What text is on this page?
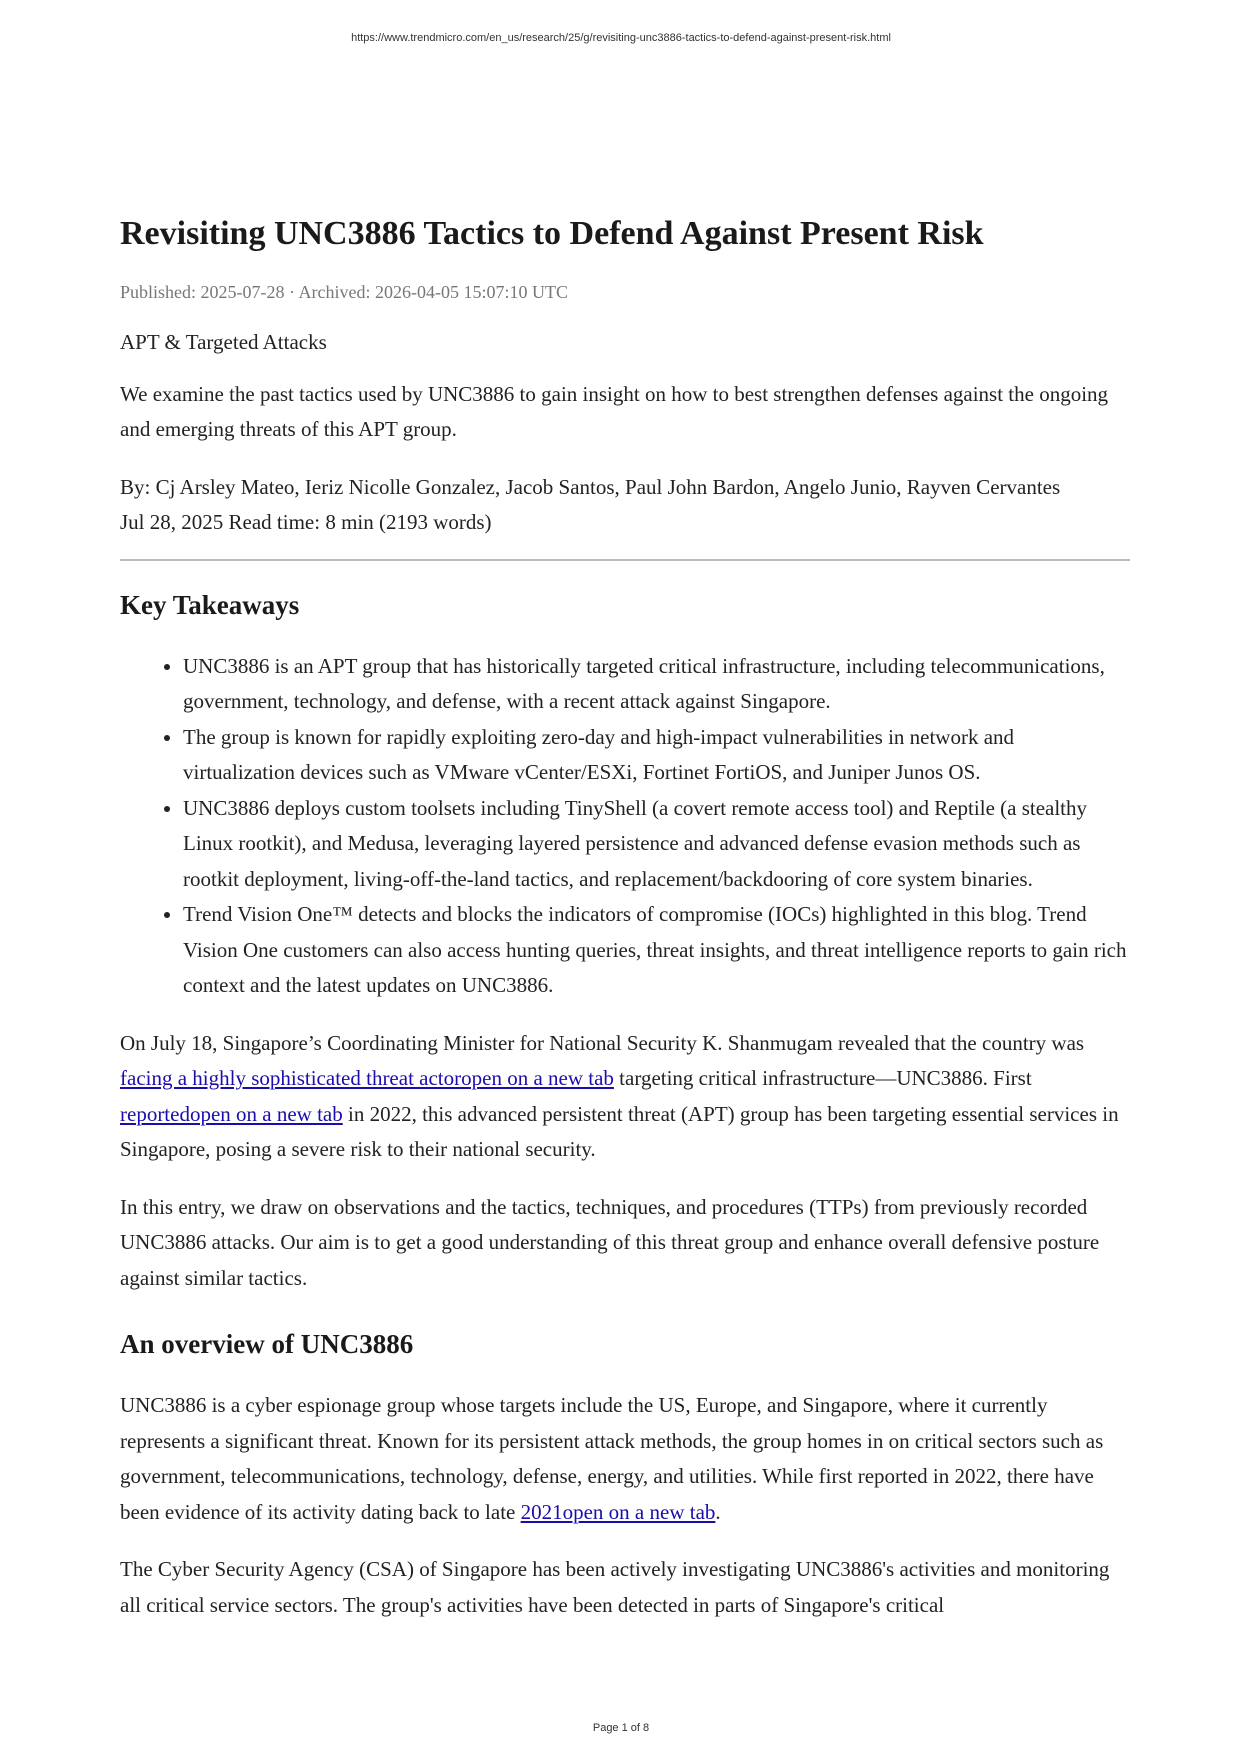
https://www.trendmicro.com/en_us/research/25/g/revisiting-unc3886-tactics-to-defend-against-present-risk.html
Revisiting UNC3886 Tactics to Defend Against Present Risk
Published: 2025-07-28 · Archived: 2026-04-05 15:07:10 UTC

APT & Targeted Attacks

We examine the past tactics used by UNC3886 to gain insight on how to best strengthen defenses against the ongoing and emerging threats of this APT group.

By: Cj Arsley Mateo, Ieriz Nicolle Gonzalez, Jacob Santos, Paul John Bardon, Angelo Junio, Rayven Cervantes
Jul 28, 2025 Read time: 8 min (2193 words)

Key Takeaways
• UNC3886 is an APT group that has historically targeted critical infrastructure, including telecommunications, government, technology, and defense, with a recent attack against Singapore.
• The group is known for rapidly exploiting zero-day and high-impact vulnerabilities in network and virtualization devices such as VMware vCenter/ESXi, Fortinet FortiOS, and Juniper Junos OS.
• UNC3886 deploys custom toolsets including TinyShell (a covert remote access tool) and Reptile (a stealthy Linux rootkit), and Medusa, leveraging layered persistence and advanced defense evasion methods such as rootkit deployment, living-off-the-land tactics, and replacement/backdooring of core system binaries.
• Trend Vision One™ detects and blocks the indicators of compromise (IOCs) highlighted in this blog. Trend Vision One customers can also access hunting queries, threat insights, and threat intelligence reports to gain rich context and the latest updates on UNC3886.

On July 18, Singapore’s Coordinating Minister for National Security K. Shanmugam revealed that the country was facing a highly sophisticated threat actoropen on a new tab targeting critical infrastructure—UNC3886. First reportedopen on a new tab in 2022, this advanced persistent threat (APT) group has been targeting essential services in Singapore, posing a severe risk to their national security.

In this entry, we draw on observations and the tactics, techniques, and procedures (TTPs) from previously recorded UNC3886 attacks. Our aim is to get a good understanding of this threat group and enhance overall defensive posture against similar tactics.

An overview of UNC3886

UNC3886 is a cyber espionage group whose targets include the US, Europe, and Singapore, where it currently represents a significant threat. Known for its persistent attack methods, the group homes in on critical sectors such as government, telecommunications, technology, defense, energy, and utilities. While first reported in 2022, there have been evidence of its activity dating back to late 2021open on a new tab.

The Cyber Security Agency (CSA) of Singapore has been actively investigating UNC3886's activities and monitoring all critical service sectors. The group's activities have been detected in parts of Singapore's critical

Page 1 of 8
